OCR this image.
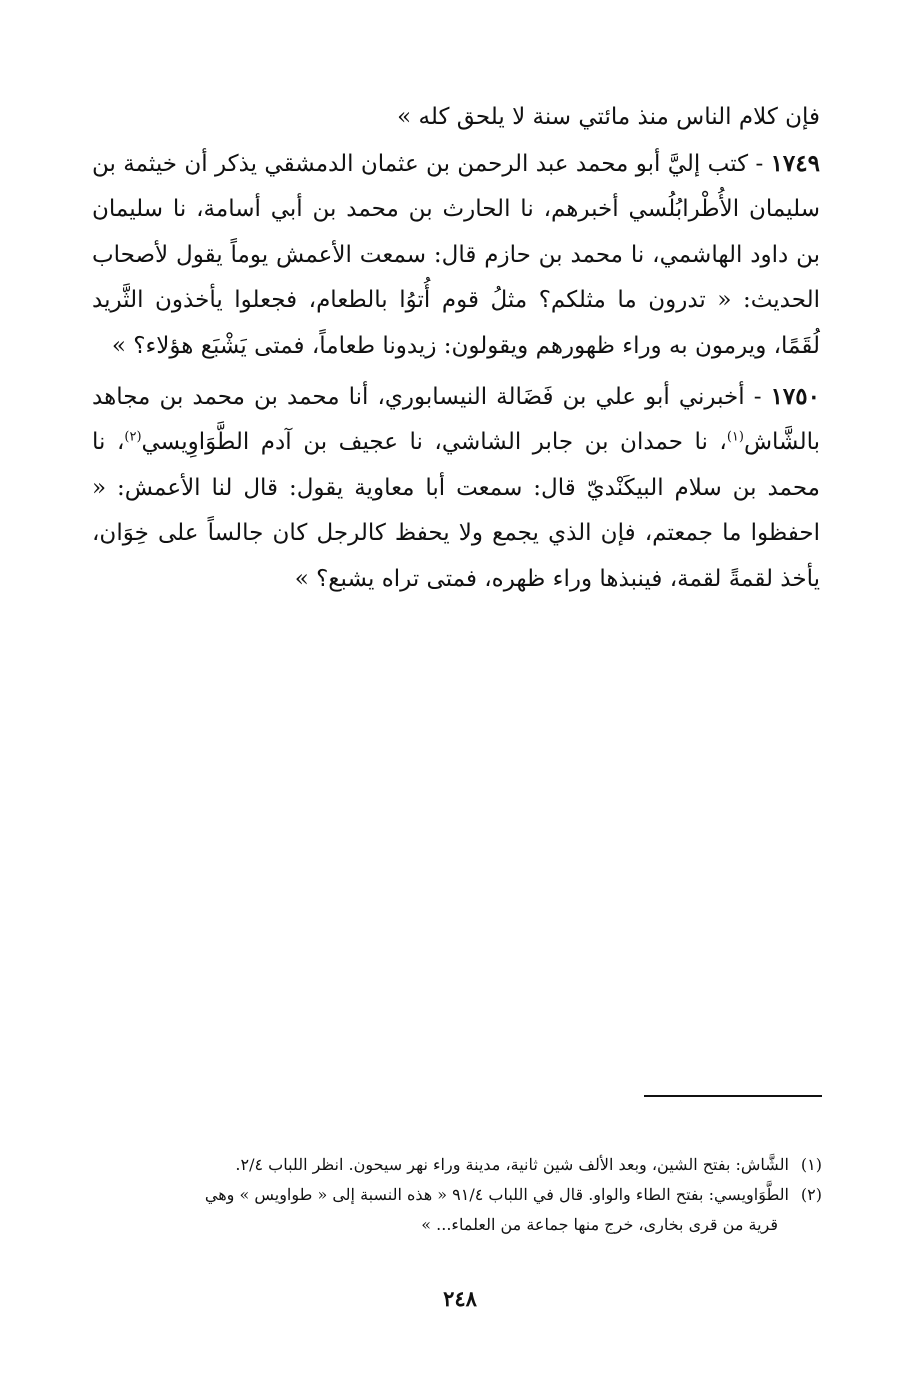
فإن كلام الناس منذ مائتي سنة لا يلحق كله »

١٧٤٩ - كتب إليَّ أبو محمد عبد الرحمن بن عثمان الدمشقي يذكر أن خيثمة بن سليمان الأُطْرابُلُسي أخبرهم، نا الحارث بن محمد بن أبي أسامة، نا سليمان بن داود الهاشمي، نا محمد بن حازم قال: سمعت الأعمش يوماً يقول لأصحاب الحديث: « تدرون ما مثلكم؟ مثلُ قوم أُتوُا بالطعام، فجعلوا يأخذون الثَّريد لُقَمًا، ويرمون به وراء ظهورهم ويقولون: زيدونا طعاماً، فمتى يَشْبَع هؤلاء؟ »

١٧٥٠ - أخبرني أبو علي بن فَضَالة النيسابوري، أنا محمد بن محمد بن مجاهد بالشَّاش$^{(١)}$، نا حمدان بن جابر الشاشي، نا عجيف بن آدم الطَّوَاوِيسي$^{(٢)}$، نا محمد بن سلام البيكَنْديّ قال: سمعت أبا معاوية يقول: قال لنا الأعمش: « احفظوا ما جمعتم، فإن الذي يجمع ولا يحفظ كالرجل كان جالساً على خِوَان، يأخذ لقمةً لقمة، فينبذها وراء ظهره، فمتى تراه يشبع؟ »

(١)الشَّاش: بفتح الشين، وبعد الألف شين ثانية، مدينة وراء نهر سيحون. انظر اللباب ٢/٤.

(٢)الطَّوَاويسي: بفتح الطاء والواو. قال في اللباب ٩١/٤ « هذه النسبة إلى « طواويس » وهي

قرية من قرى بخارى، خرج منها جماعة من العلماء... »

٢٤٨
